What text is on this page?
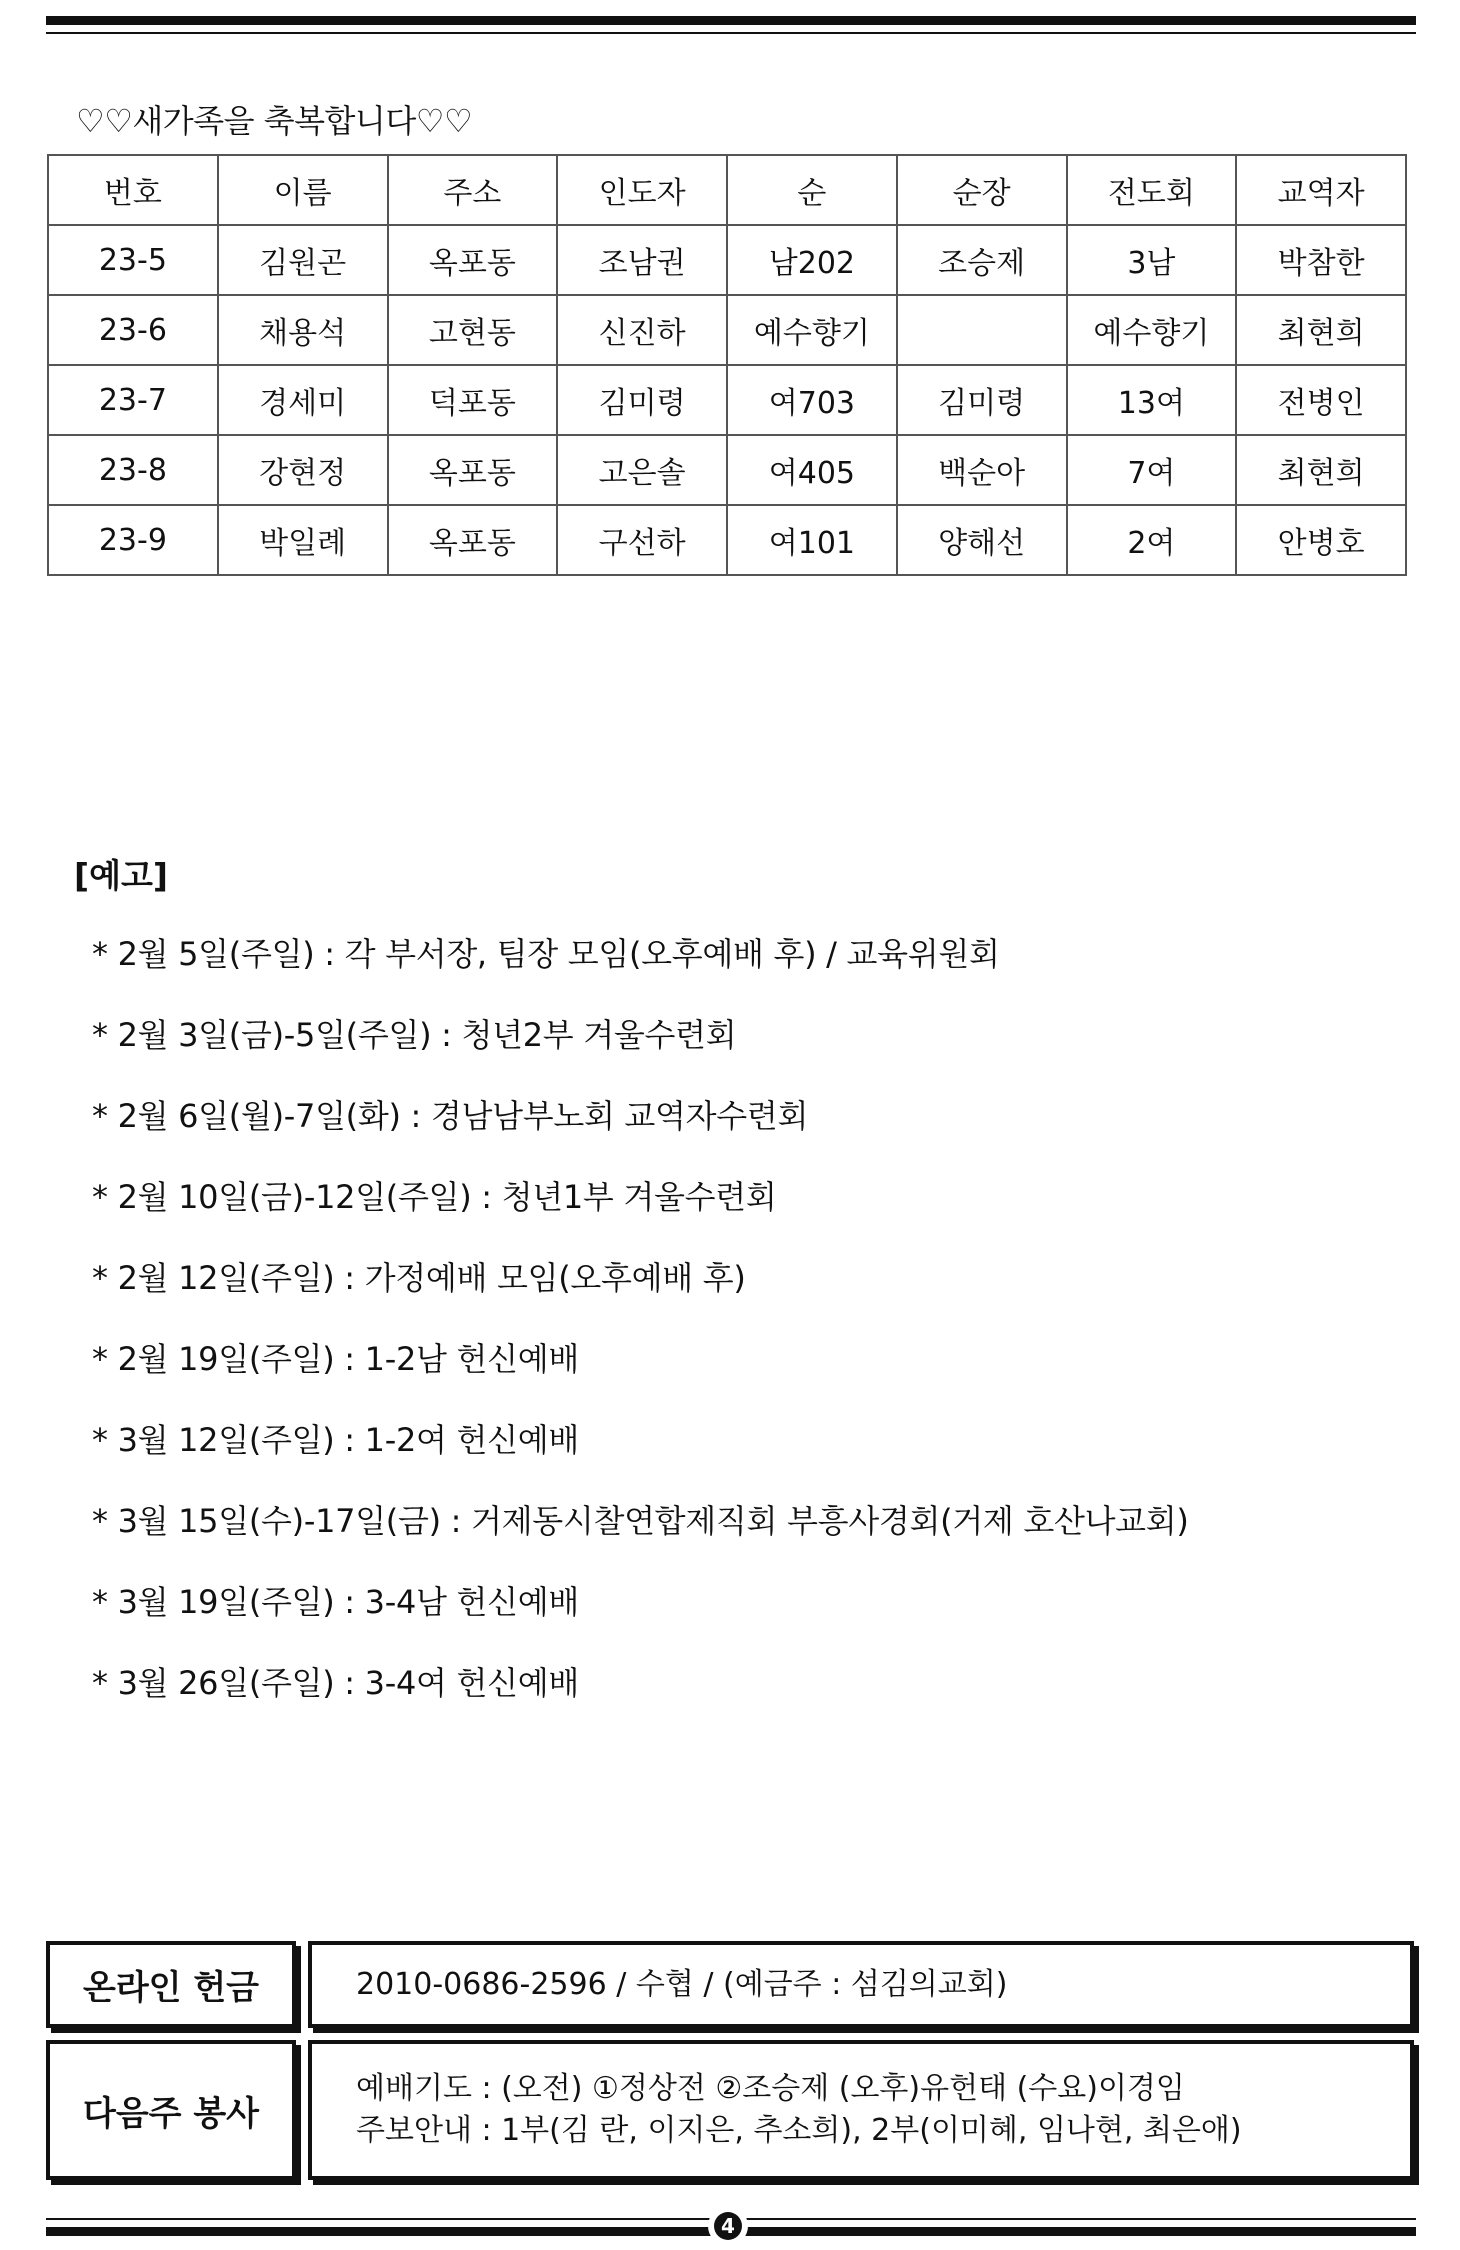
♡♡새가족을 축복합니다♡♡
번호	이름	주소	인도자	순	순장	전도회	교역자
23-5	김원곤	옥포동	조남권	남202	조승제	3남	박참한
23-6	채용석	고현동	신진하	예수향기		예수향기	최현희
23-7	경세미	덕포동	김미령	여703	김미령	13여	전병인
23-8	강현정	옥포동	고은솔	여405	백순아	7여	최현희
23-9	박일례	옥포동	구선하	여101	양해선	2여	안병호
[예고]
* 2월 5일(주일) : 각 부서장, 팀장 모임(오후예배 후) / 교육위원회
* 2월 3일(금)-5일(주일) : 청년2부 겨울수련회
* 2월 6일(월)-7일(화) : 경남남부노회 교역자수련회
* 2월 10일(금)-12일(주일) : 청년1부 겨울수련회
* 2월 12일(주일) : 가정예배 모임(오후예배 후)
* 2월 19일(주일) : 1-2남 헌신예배
* 3월 12일(주일) : 1-2여 헌신예배
* 3월 15일(수)-17일(금) : 거제동시찰연합제직회 부흥사경회(거제 호산나교회)
* 3월 19일(주일) : 3-4남 헌신예배
* 3월 26일(주일) : 3-4여 헌신예배
온라인 헌금	2010-0686-2596 / 수협 / (예금주 : 섬김의교회)
다음주 봉사
예배기도 : (오전) ①정상전 ②조승제 (오후)유헌태 (수요)이경임
주보안내 : 1부(김 란, 이지은, 추소희), 2부(이미혜, 임나현, 최은애)
4
